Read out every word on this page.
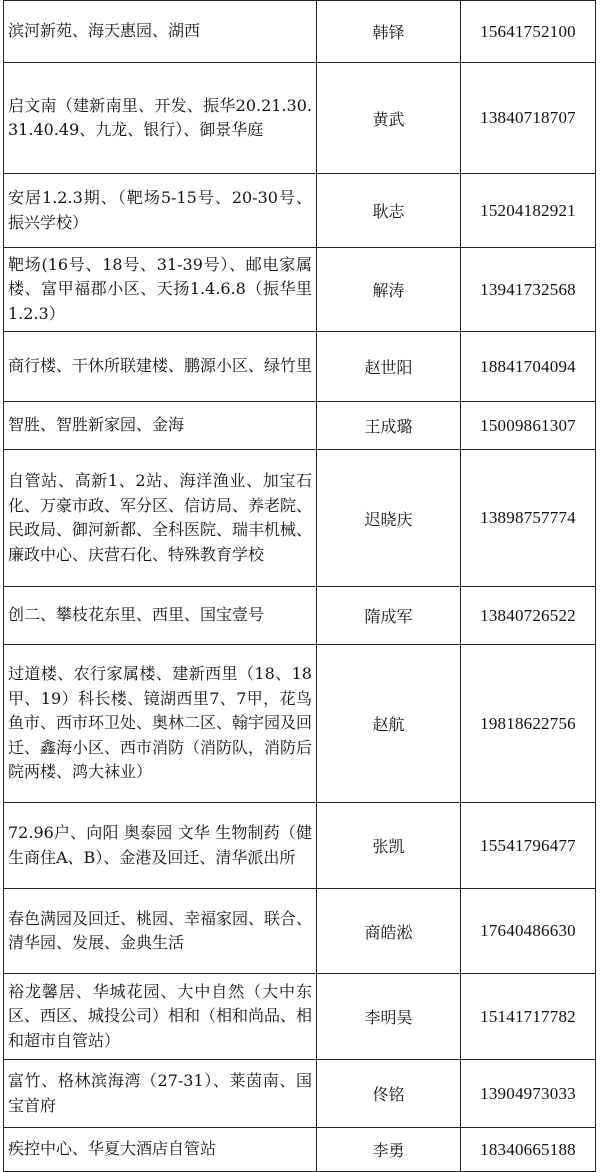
滨河新苑、海天惠园、湖西	韩铎	15641752100
启文南（建新南里、开发、振华20.21.30.31.40.49、九龙、银行）、御景华庭	黄武	13840718707
安居1.2.3期、（靶场5-15号、20-30号、振兴学校）	耿志	15204182921
靶场(16号、18号、31-39号）、邮电家属楼、富甲福郡小区、天扬1.4.6.8（振华里1.2.3）	解涛	13941732568
商行楼、干休所联建楼、鹏源小区、绿竹里	赵世阳	18841704094
智胜、智胜新家园、金海	王成璐	15009861307
自管站、高新1、2站、海洋渔业、加宝石化、万豪市政、军分区、信访局、养老院、民政局、御河新都、全科医院、瑞丰机械、廉政中心、庆营石化、特殊教育学校	迟晓庆	13898757774
创二、攀枝花东里、西里、国宝壹号	隋成军	13840726522
过道楼、农行家属楼、建新西里（18、18甲、19）科长楼、镜湖西里7、7甲，花鸟鱼市、西市环卫处、奥林二区、翰宇园及回迁、鑫海小区、西市消防（消防队，消防后院两楼、鸿大袜业）	赵航	19818622756
72.96户、向阳 奥泰园 文华 生物制药（健生商住A、B）、金港及回迁、清华派出所	张凯	15541796477
春色满园及回迁、桃园、幸福家园、联合、清华园、发展、金典生活	商皓淞	17640486630
裕龙馨居、华城花园、大中自然（大中东区、西区、城投公司）相和（相和尚品、相和超市自管站）	李明昊	15141717782
富竹、格林滨海湾（27-31）、莱茵南、国宝首府	佟铭	13904973033
疾控中心、华夏大酒店自管站	李勇	18340665188
